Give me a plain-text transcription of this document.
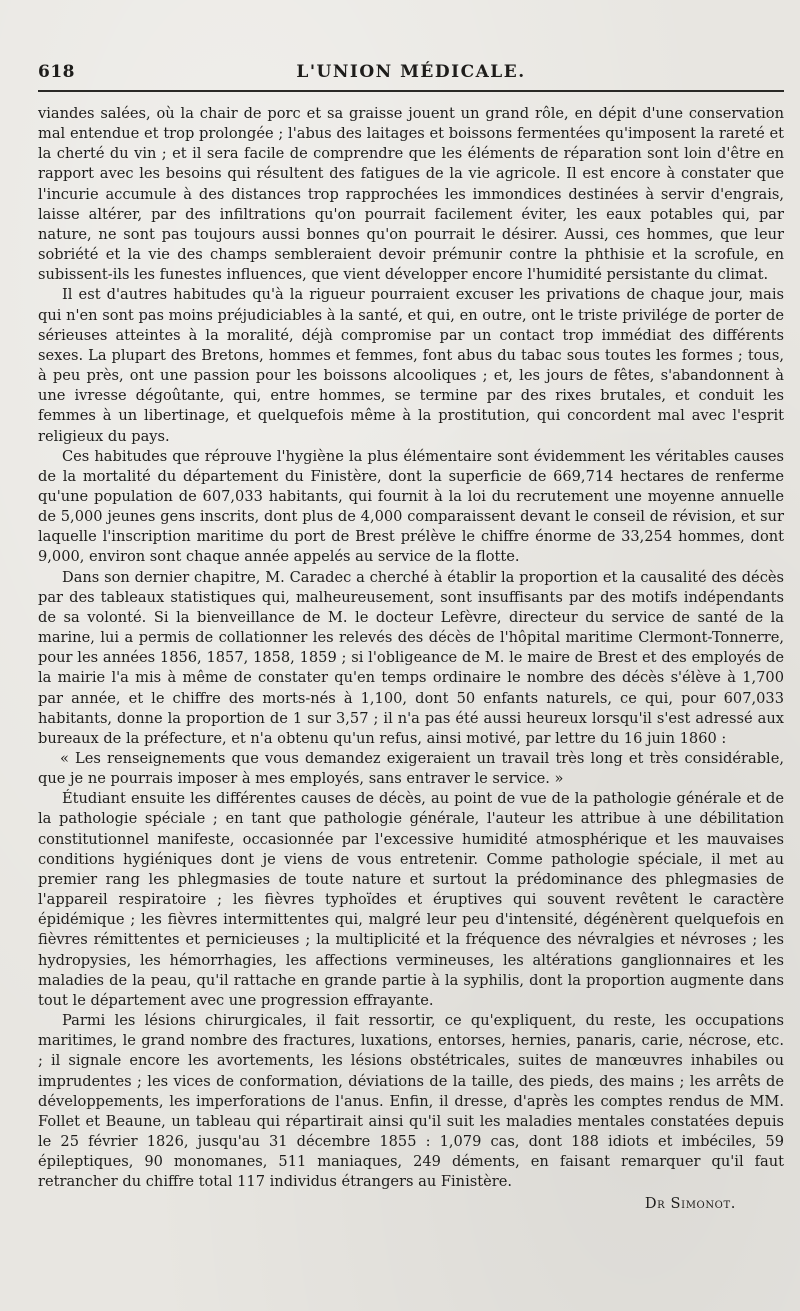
618	L'UNION MÉDICALE.

viandes salées, où la chair de porc et sa graisse jouent un grand rôle, en dépit d'une conservation mal entendue et trop prolongée ; l'abus des laitages et boissons fermentées qu'imposent la rareté et la cherté du vin ; et il sera facile de comprendre que les éléments de réparation sont loin d'être en rapport avec les besoins qui résultent des fatigues de la vie agricole. Il est encore à constater que l'incurie accumule à des distances trop rapprochées les immondices destinées à servir d'engrais, laisse altérer, par des infiltrations qu'on pourrait facilement éviter, les eaux potables qui, par nature, ne sont pas toujours aussi bonnes qu'on pourrait le désirer. Aussi, ces hommes, que leur sobriété et la vie des champs sembleraient devoir prémunir contre la phthisie et la scrofule, en subissent-ils les funestes influences, que vient développer encore l'humidité persistante du climat.

Il est d'autres habitudes qu'à la rigueur pourraient excuser les privations de chaque jour, mais qui n'en sont pas moins préjudiciables à la santé, et qui, en outre, ont le triste privilége de porter de sérieuses atteintes à la moralité, déjà compromise par un contact trop immédiat des différents sexes. La plupart des Bretons, hommes et femmes, font abus du tabac sous toutes les formes ; tous, à peu près, ont une passion pour les boissons alcooliques ; et, les jours de fêtes, s'abandonnent à une ivresse dégoûtante, qui, entre hommes, se termine par des rixes brutales, et conduit les femmes à un libertinage, et quelquefois même à la prostitution, qui concordent mal avec l'esprit religieux du pays.

Ces habitudes que réprouve l'hygiène la plus élémentaire sont évidemment les véritables causes de la mortalité du département du Finistère, dont la superficie de 669,714 hectares de renferme qu'une population de 607,033 habitants, qui fournit à la loi du recrutement une moyenne annuelle de 5,000 jeunes gens inscrits, dont plus de 4,000 comparaissent devant le conseil de révision, et sur laquelle l'inscription maritime du port de Brest prélève le chiffre énorme de 33,254 hommes, dont 9,000, environ sont chaque année appelés au service de la flotte.

Dans son dernier chapitre, M. Caradec a cherché à établir la proportion et la causalité des décès par des tableaux statistiques qui, malheureusement, sont insuffisants par des motifs indépendants de sa volonté. Si la bienveillance de M. le docteur Lefèvre, directeur du service de santé de la marine, lui a permis de collationner les relevés des décès de l'hôpital maritime Clermont-Tonnerre, pour les années 1856, 1857, 1858, 1859 ; si l'obligeance de M. le maire de Brest et des employés de la mairie l'a mis à même de constater qu'en temps ordinaire le nombre des décès s'élève à 1,700 par année, et le chiffre des morts-nés à 1,100, dont 50 enfants naturels, ce qui, pour 607,033 habitants, donne la proportion de 1 sur 3,57 ; il n'a pas été aussi heureux lorsqu'il s'est adressé aux bureaux de la préfecture, et n'a obtenu qu'un refus, ainsi motivé, par lettre du 16 juin 1860 :

« Les renseignements que vous demandez exigeraient un travail très long et très considérable, que je ne pourrais imposer à mes employés, sans entraver le service. »

Étudiant ensuite les différentes causes de décès, au point de vue de la pathologie générale et de la pathologie spéciale ; en tant que pathologie générale, l'auteur les attribue à une débilitation constitutionnel manifeste, occasionnée par l'excessive humidité atmosphérique et les mauvaises conditions hygiéniques dont je viens de vous entretenir. Comme pathologie spéciale, il met au premier rang les phlegmasies de toute nature et surtout la prédominance des phlegmasies de l'appareil respiratoire ; les fièvres typhoïdes et éruptives qui souvent revêtent le caractère épidémique ; les fièvres intermittentes qui, malgré leur peu d'intensité, dégénèrent quelquefois en fièvres rémittentes et pernicieuses ; la multiplicité et la fréquence des névralgies et névroses ; les hydropysies, les hémorrhagies, les affections vermineuses, les altérations ganglionnaires et les maladies de la peau, qu'il rattache en grande partie à la syphilis, dont la proportion augmente dans tout le département avec une progression effrayante.

Parmi les lésions chirurgicales, il fait ressortir, ce qu'expliquent, du reste, les occupations maritimes, le grand nombre des fractures, luxations, entorses, hernies, panaris, carie, nécrose, etc. ; il signale encore les avortements, les lésions obstétricales, suites de manœuvres inhabiles ou imprudentes ; les vices de conformation, déviations de la taille, des pieds, des mains ; les arrêts de développements, les imperforations de l'anus. Enfin, il dresse, d'après les comptes rendus de MM. Follet et Beaune, un tableau qui répartirait ainsi qu'il suit les maladies mentales constatées depuis le 25 février 1826, jusqu'au 31 décembre 1855 : 1,079 cas, dont 188 idiots et imbéciles, 59 épileptiques, 90 monomanes, 511 maniaques, 249 déments, en faisant remarquer qu'il faut retrancher du chiffre total 117 individus étrangers au Finistère.

Dr Simonot.
